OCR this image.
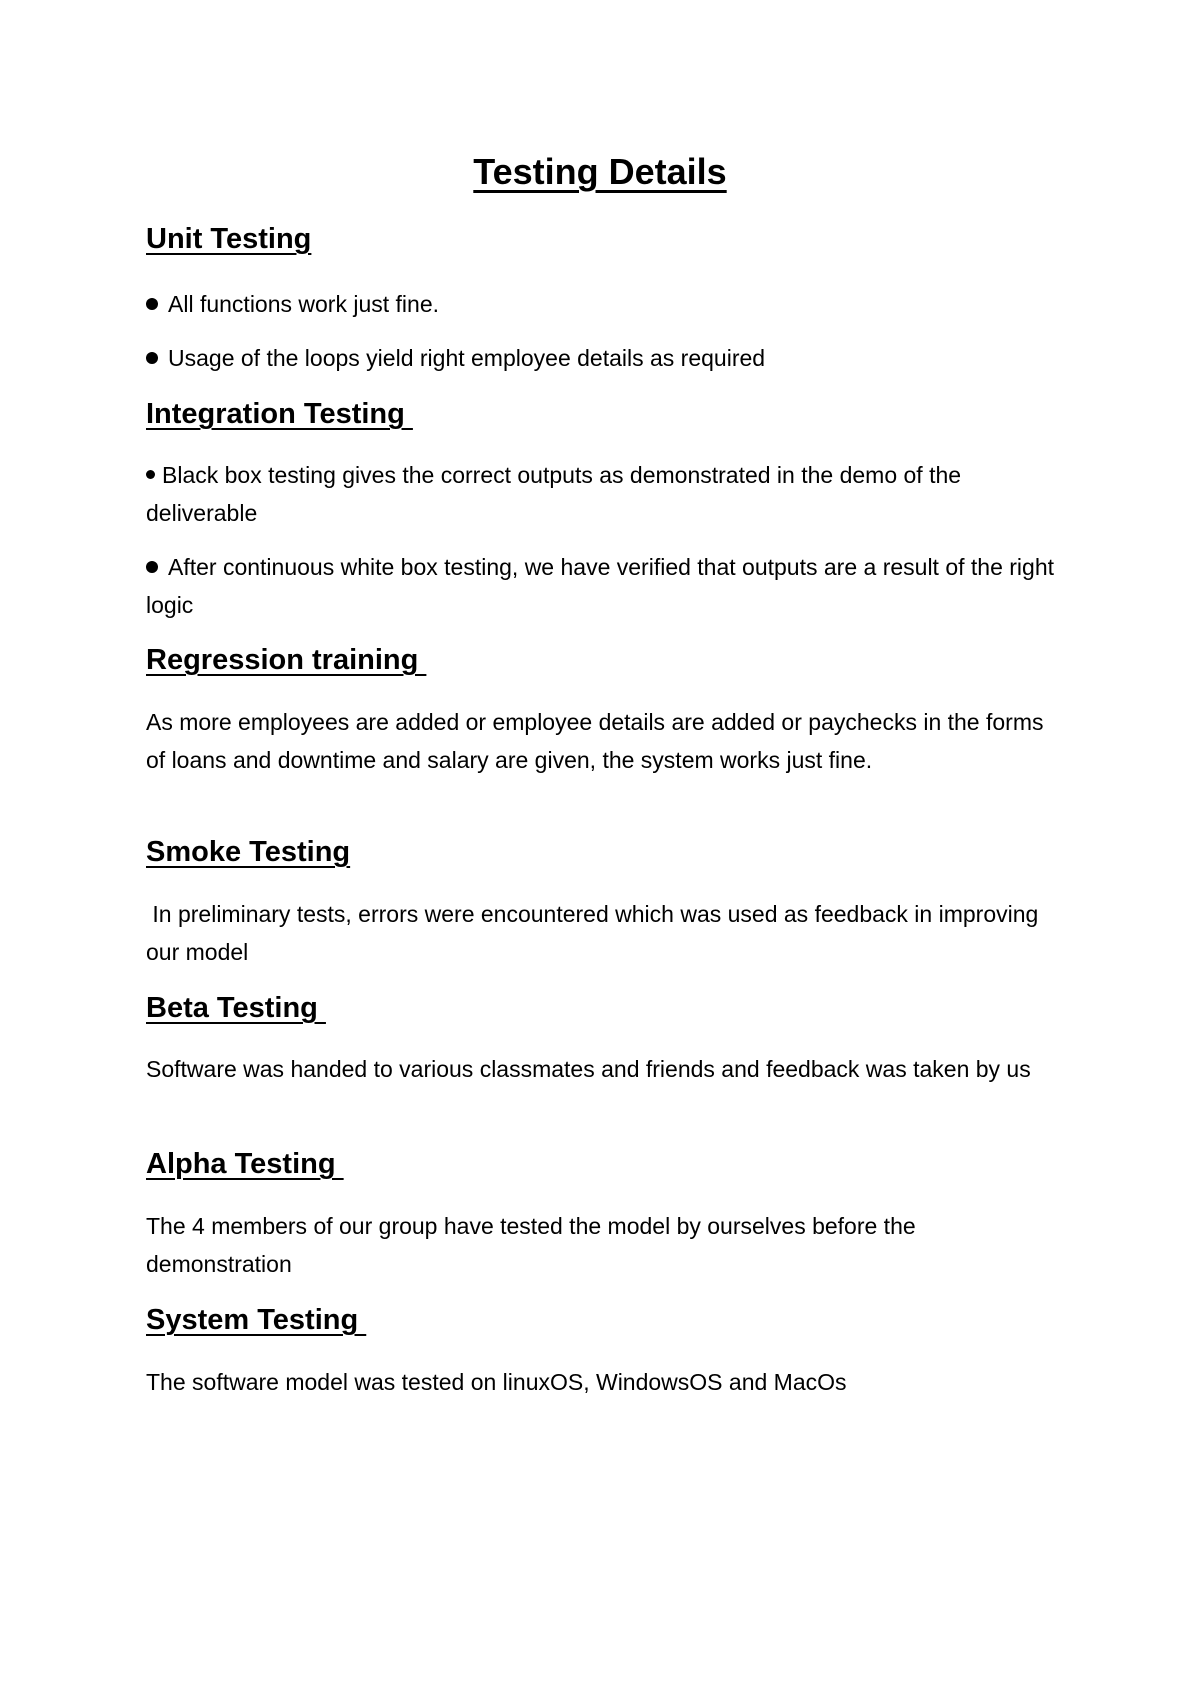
Testing Details
Unit Testing

All functions work just fine.

Usage of the loops yield right employee details as required

Integration Testing

Black box testing gives the correct outputs as demonstrated in the demo of the deliverable

After continuous white box testing, we have verified that outputs are a result of the right logic

Regression training

As more employees are added or employee details are added or paychecks in the forms of loans and downtime and salary are given, the system works just fine.

Smoke Testing

In preliminary tests, errors were encountered which was used as feedback in improving our model

Beta Testing

Software was handed to various classmates and friends and feedback was taken by us

Alpha Testing

The 4 members of our group have tested the model by ourselves before the demonstration

System Testing

The software model was tested on linuxOS, WindowsOS and MacOs
